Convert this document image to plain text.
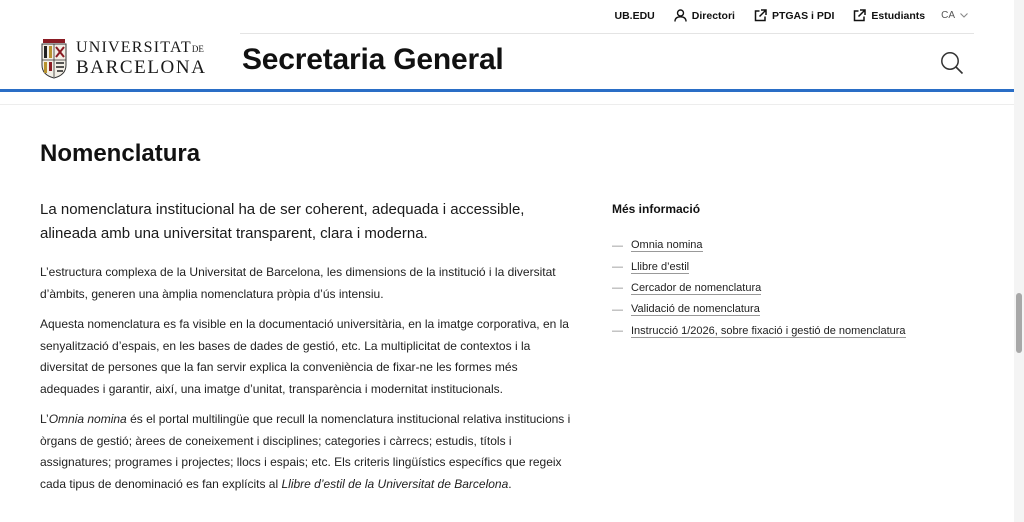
UB.EDU	Directori	PTGAS i PDI	Estudiants CA
UNIVERSITATDE
BARCELONA Secretaria General
Nomenclatura

La nomenclatura institucional ha de ser coherent, adequada i accessible, alineada amb una universitat transparent, clara i moderna.

L’estructura complexa de la Universitat de Barcelona, les dimensions de la institució i la diversitat d’àmbits, generen una àmplia nomenclatura pròpia d’ús intensiu.

Aquesta nomenclatura es fa visible en la documentació universitària, en la imatge corporativa, en la senyalització d’espais, en les bases de dades de gestió, etc. La multiplicitat de contextos i la diversitat de persones que la fan servir explica la conveniència de fixar-ne les formes més adequades i garantir, així, una imatge d’unitat, transparència i modernitat institucionals.

L’Omnia nomina és el portal multilingüe que recull la nomenclatura institucional relativa institucions i òrgans de gestió; àrees de coneixement i disciplines; categories i càrrecs; estudis, títols i assignatures; programes i projectes; llocs i espais; etc. Els criteris lingüístics específics que regeix cada tipus de denominació es fan explícits al Llibre d’estil de la Universitat de Barcelona.

Més informació
— Omnia nomina
— Llibre d’estil
— Cercador de nomenclatura
— Validació de nomenclatura
— Instrucció 1/2026, sobre fixació i gestió de nomenclatura
